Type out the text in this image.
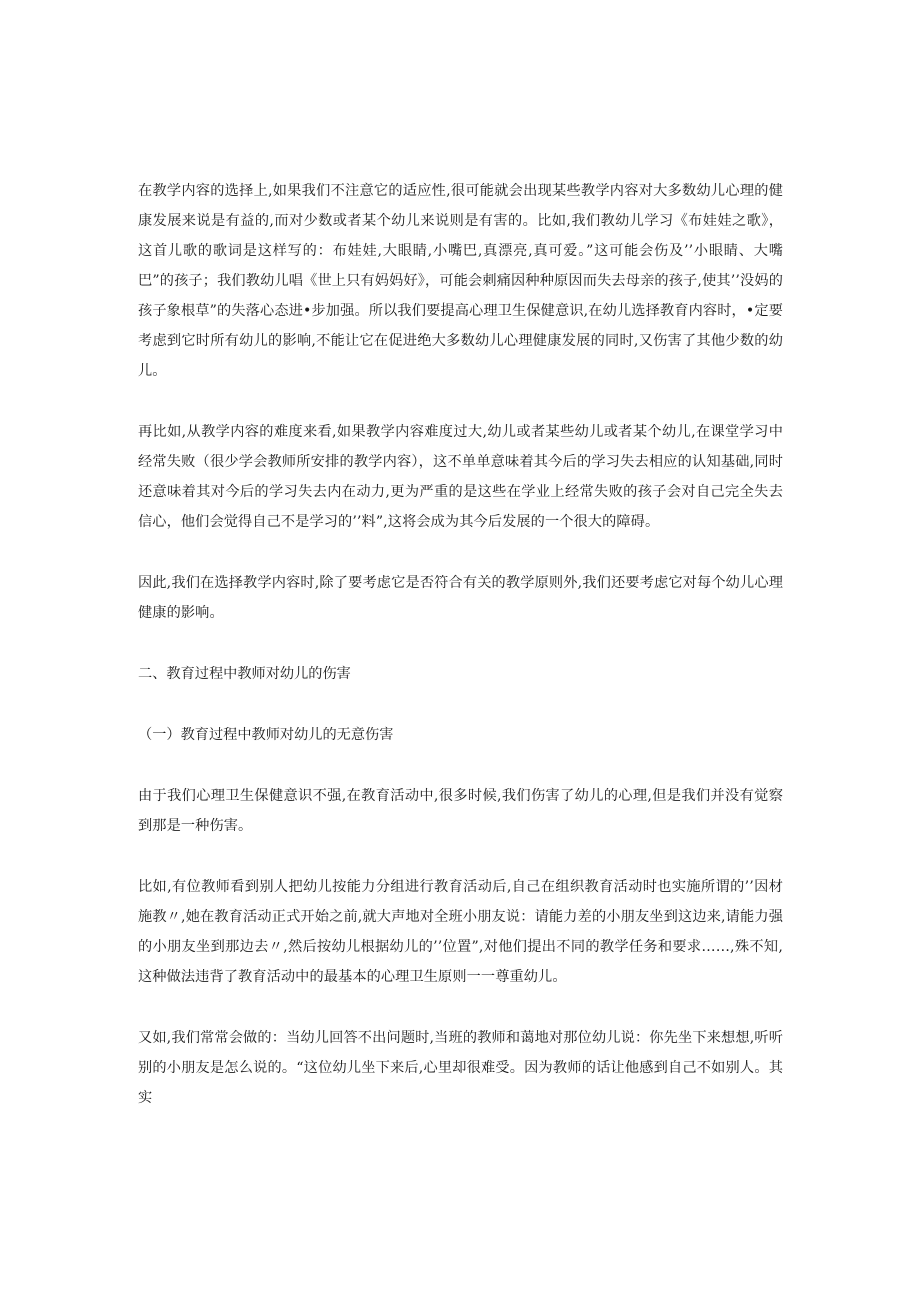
在教学内容的选择上,如果我们不注意它的适应性,很可能就会出现某些教学内容对大多数幼儿心理的健康发展来说是有益的,而对少数或者某个幼儿来说则是有害的。比如,我们教幼儿学习《布娃娃之歌》，这首儿歌的歌词是这样写的：布娃娃,大眼睛,小嘴巴,真漂亮,真可爱。”这可能会伤及’’小眼睛、大嘴巴”的孩子；我们教幼儿唱《世上只有妈妈好》，可能会刺痛因种种原因而失去母亲的孩子,使其’’没妈的孩子象根草”的失落心态进•步加强。所以我们要提高心理卫生保健意识,在幼儿选择教育内容时，•定要考虑到它时所有幼儿的影响,不能让它在促进绝大多数幼儿心理健康发展的同时,又伤害了其他少数的幼儿。

再比如,从教学内容的难度来看,如果教学内容难度过大,幼儿或者某些幼儿或者某个幼儿,在课堂学习中经常失败（很少学会教师所安排的教学内容），这不单单意味着其今后的学习失去相应的认知基础,同时还意味着其对今后的学习失去内在动力,更为严重的是这些在学业上经常失败的孩子会对自己完全失去信心，他们会觉得自己不是学习的’’料”,这将会成为其今后发展的一个很大的障碍。

因此,我们在选择教学内容时,除了要考虑它是否符合有关的教学原则外,我们还要考虑它对每个幼儿心理健康的影响。

二、教育过程中教师对幼儿的伤害

（一）教育过程中教师对幼儿的无意伤害

由于我们心理卫生保健意识不强,在教育活动中,很多时候,我们伤害了幼儿的心理,但是我们并没有觉察到那是一种伤害。

比如,有位教师看到别人把幼儿按能力分组进行教育活动后,自己在组织教育活动时也实施所谓的’’因材施教〃,她在教育活动正式开始之前,就大声地对全班小朋友说：请能力差的小朋友坐到这边来,请能力强的小朋友坐到那边去〃,然后按幼儿根据幼儿的’’位置”,对他们提出不同的教学任务和要求……,殊不知,这种做法违背了教育活动中的最基本的心理卫生原则一一尊重幼儿。

又如,我们常常会做的：当幼儿回答不出问题时,当班的教师和蔼地对那位幼儿说：你先坐下来想想,听听别的小朋友是怎么说的。“这位幼儿坐下来后,心里却很难受。因为教师的话让他感到自己不如别人。其实
